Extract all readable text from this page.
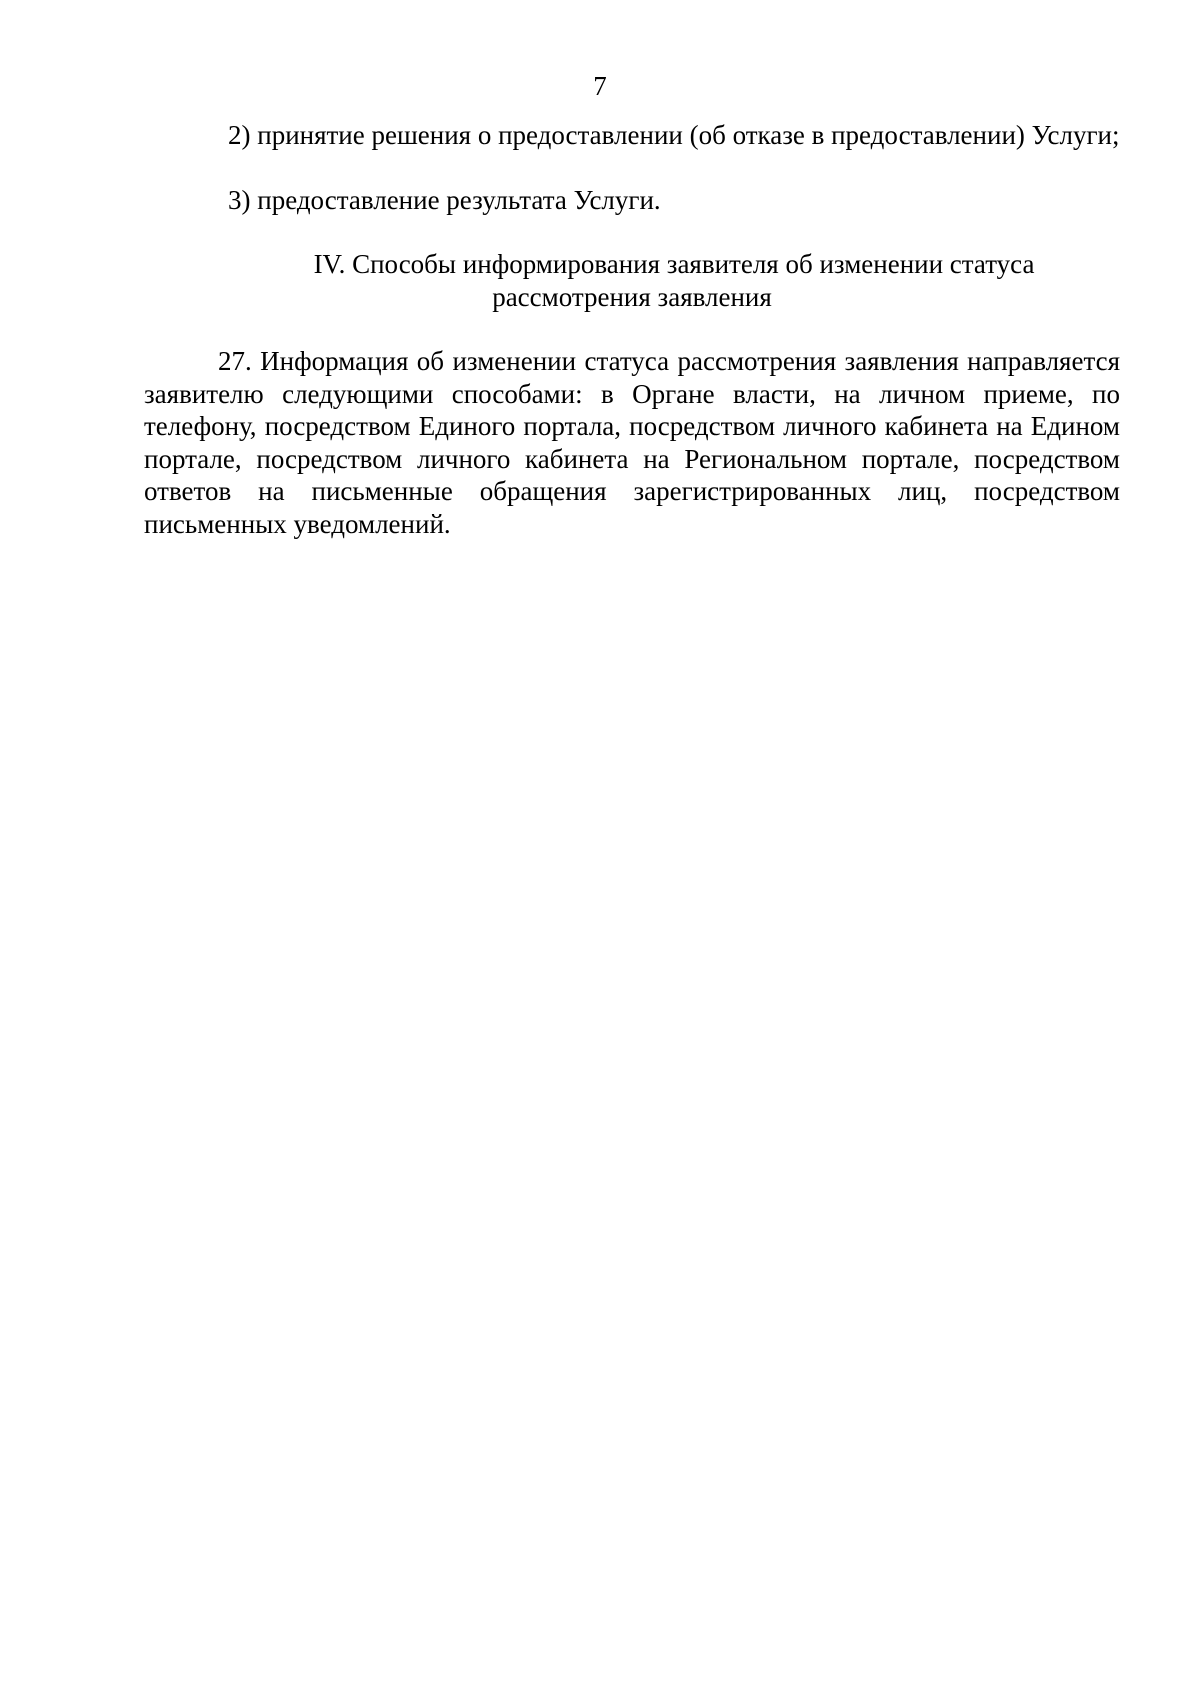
7

2) принятие решения о предоставлении (об отказе в предоставлении) Услуги;

3) предоставление результата Услуги.

IV. Способы информирования заявителя об изменении статуса
рассмотрения заявления

27. Информация об изменении статуса рассмотрения заявления направляется заявителю следующими способами: в Органе власти, на личном приеме, по телефону, посредством Единого портала, посредством личного кабинета на Едином портале, посредством личного кабинета на Региональном портале, посредством ответов на письменные обращения зарегистрированных лиц, посредством письменных уведомлений.
